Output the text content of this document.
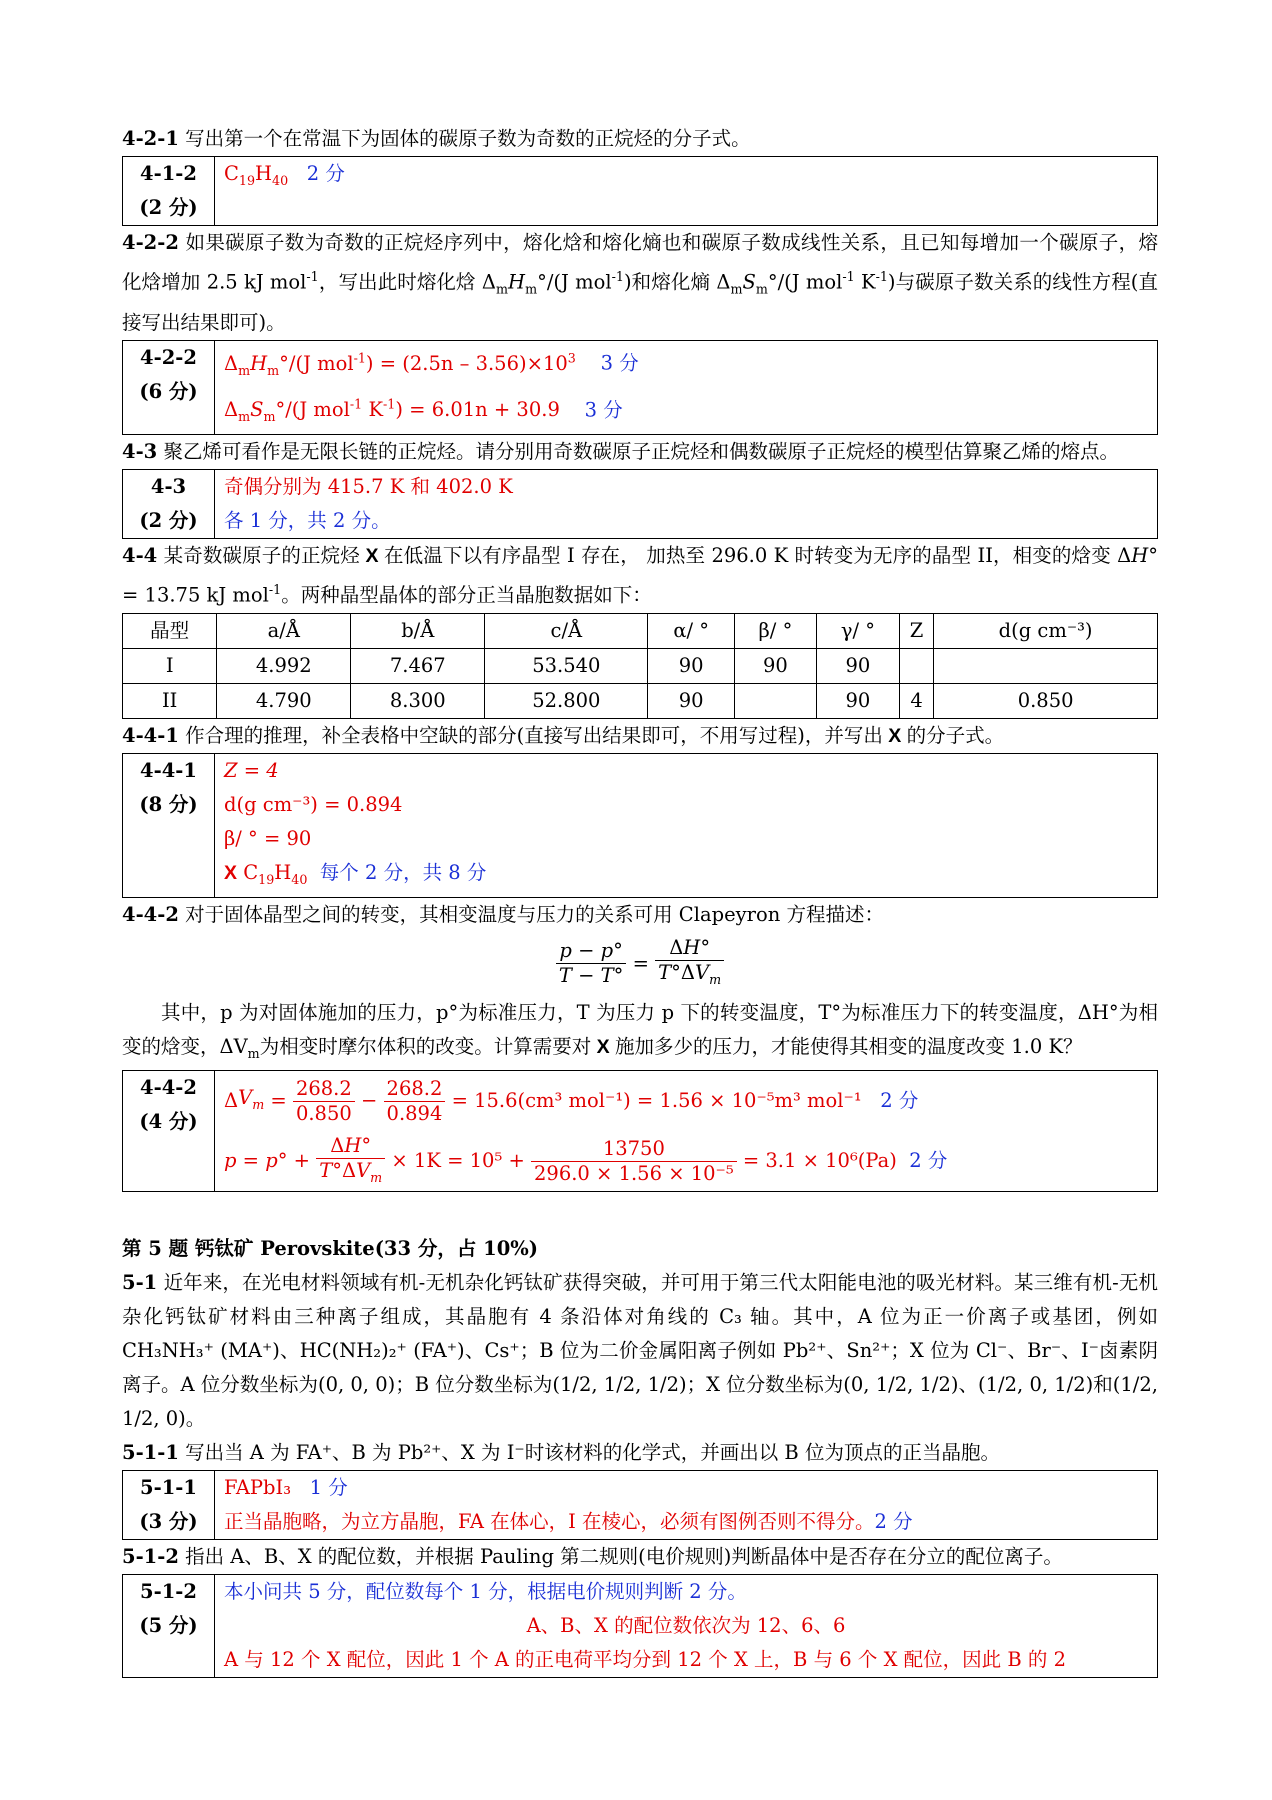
4-2-1 写出第一个在常温下为固体的碳原子数为奇数的正烷烃的分子式。

4-1-2
(2 分)
$C_{19}H_{40}$ 2 分

4-2-2 如果碳原子数为奇数的正烷烃序列中，熔化焓和熔化熵也和碳原子数成线性关系，且已知每增加一个碳原子，熔化焓增加 2.5 kJ mol$^{-1}$，写出此时熔化焓 $\Delta_mH_m^\circ/(J$ mol$^{-1}$)和熔化熵 $\Delta_mS_m^\circ/(J$ mol$^{-1}$ $K^{-1}$)与碳原子数关系的线性方程(直接写出结果即可)。

4-2-2
(6 分)
$\Delta_mH_m^\circ/(J$ $mol^{-1}) = (2.5n - 3.56)\times 10^3$ 3 分
$\Delta_mS_m^\circ/(J$ mol$^{-1}$ $K^{-1}) = 6.01n + 30.9$ 3 分

4-3 聚乙烯可看作是无限长链的正烷烃。请分别用奇数碳原子正烷烃和偶数碳原子正烷烃的模型估算聚乙烯的熔点。

4-3
(2 分)
奇偶分别为 415.7 K 和 402.0 K
各 1 分，共 2 分。

4-4 某奇数碳原子的正烷烃 X 在低温下以有序晶型 I 存在， 加热至 296.0 K 时转变为无序的晶型 II，相变的焓变 ΔH° = 13.75 kJ mol$^{-1}$。两种晶型晶体的部分正当晶胞数据如下：

晶型	a/Å	b/Å	c/Å	α/ °	β/ °	γ/ °	Z	d(g cm⁻³)
I	4.992	7.467	53.540	90	90	90		
II	4.790	8.300	52.800	90		90	4	0.850

4-4-1 作合理的推理，补全表格中空缺的部分(直接写出结果即可，不用写过程)，并写出 X 的分子式。

4-4-1
(8 分)
Z = 4
d(g cm⁻³) = 0.894
β/ ° = 90
X $C_{19}H_{40}$ 每个 2 分，共 8 分

4-4-2 对于固体晶型之间的转变，其相变温度与压力的关系可用 Clapeyron 方程描述：

$\frac{p - p^\circ}{T - T^\circ} = \frac{\Delta H^\circ}{T^\circ\Delta V_m}$

其中，p 为对固体施加的压力，p°为标准压力，T 为压力 p 下的转变温度，T°为标准压力下的转变温度，ΔH°为相变的焓变，$\Delta V_m$为相变时摩尔体积的改变。计算需要对 X 施加多少的压力，才能使得其相变的温度改变 1.0 K？

4-4-2
(4 分)
Δ $V_m = \frac{268.2}{0.850} - \frac{268.2}{0.894}$
= 15.6(cm³ mol⁻¹) = 1.56 × 10⁻⁵m³ mol⁻¹
2 分
p = p ° + $\frac{\Delta H^\circ}{T^\circ\Delta V_m}$
× 1K = 10⁵ +
$\frac{13750}{\text{296.0 × 1.56 × 10⁻⁵}}$
= 3.1 × 10⁶(Pa)
2 分

第 5 题 钙钛矿 Perovskite(33 分，占 10%)

5-1 近年来，在光电材料领域有机-无机杂化钙钛矿获得突破，并可用于第三代太阳能电池的吸光材料。某三维有机-无机杂化钙钛矿材料由三种离子组成，其晶胞有 4 条沿体对角线的 C₃ 轴。其中，A 位为正一价离子或基团，例如 CH₃NH₃⁺ (MA⁺)、HC(NH₂)₂⁺ (FA⁺)、Cs⁺；B 位为二价金属阳离子例如 Pb²⁺、Sn²⁺；X 位为 Cl⁻、Br⁻、I⁻卤素阴离子。A 位分数坐标为(0, 0, 0)；B 位分数坐标为(1/2, 1/2, 1/2)；X 位分数坐标为(0, 1/2, 1/2)、(1/2, 0, 1/2)和(1/2, 1/2, 0)。

5-1-1 写出当 A 为 FA⁺、B 为 Pb²⁺、X 为 I⁻时该材料的化学式，并画出以 B 位为顶点的正当晶胞。

5-1-1
(3 分)
FAPbI₃ 1 分
正当晶胞略，为立方晶胞，FA 在体心，I 在棱心，必须有图例否则不得分。2 分

5-1-2 指出 A、B、X 的配位数，并根据 Pauling 第二规则(电价规则)判断晶体中是否存在分立的配位离子。

5-1-2
(5 分)
本小问共 5 分，配位数每个 1 分，根据电价规则判断 2 分。
A、B、X 的配位数依次为 12、6、6
A 与 12 个 X 配位，因此 1 个 A 的正电荷平均分到 12 个 X 上，B 与 6 个 X 配位，因此 B 的 2
